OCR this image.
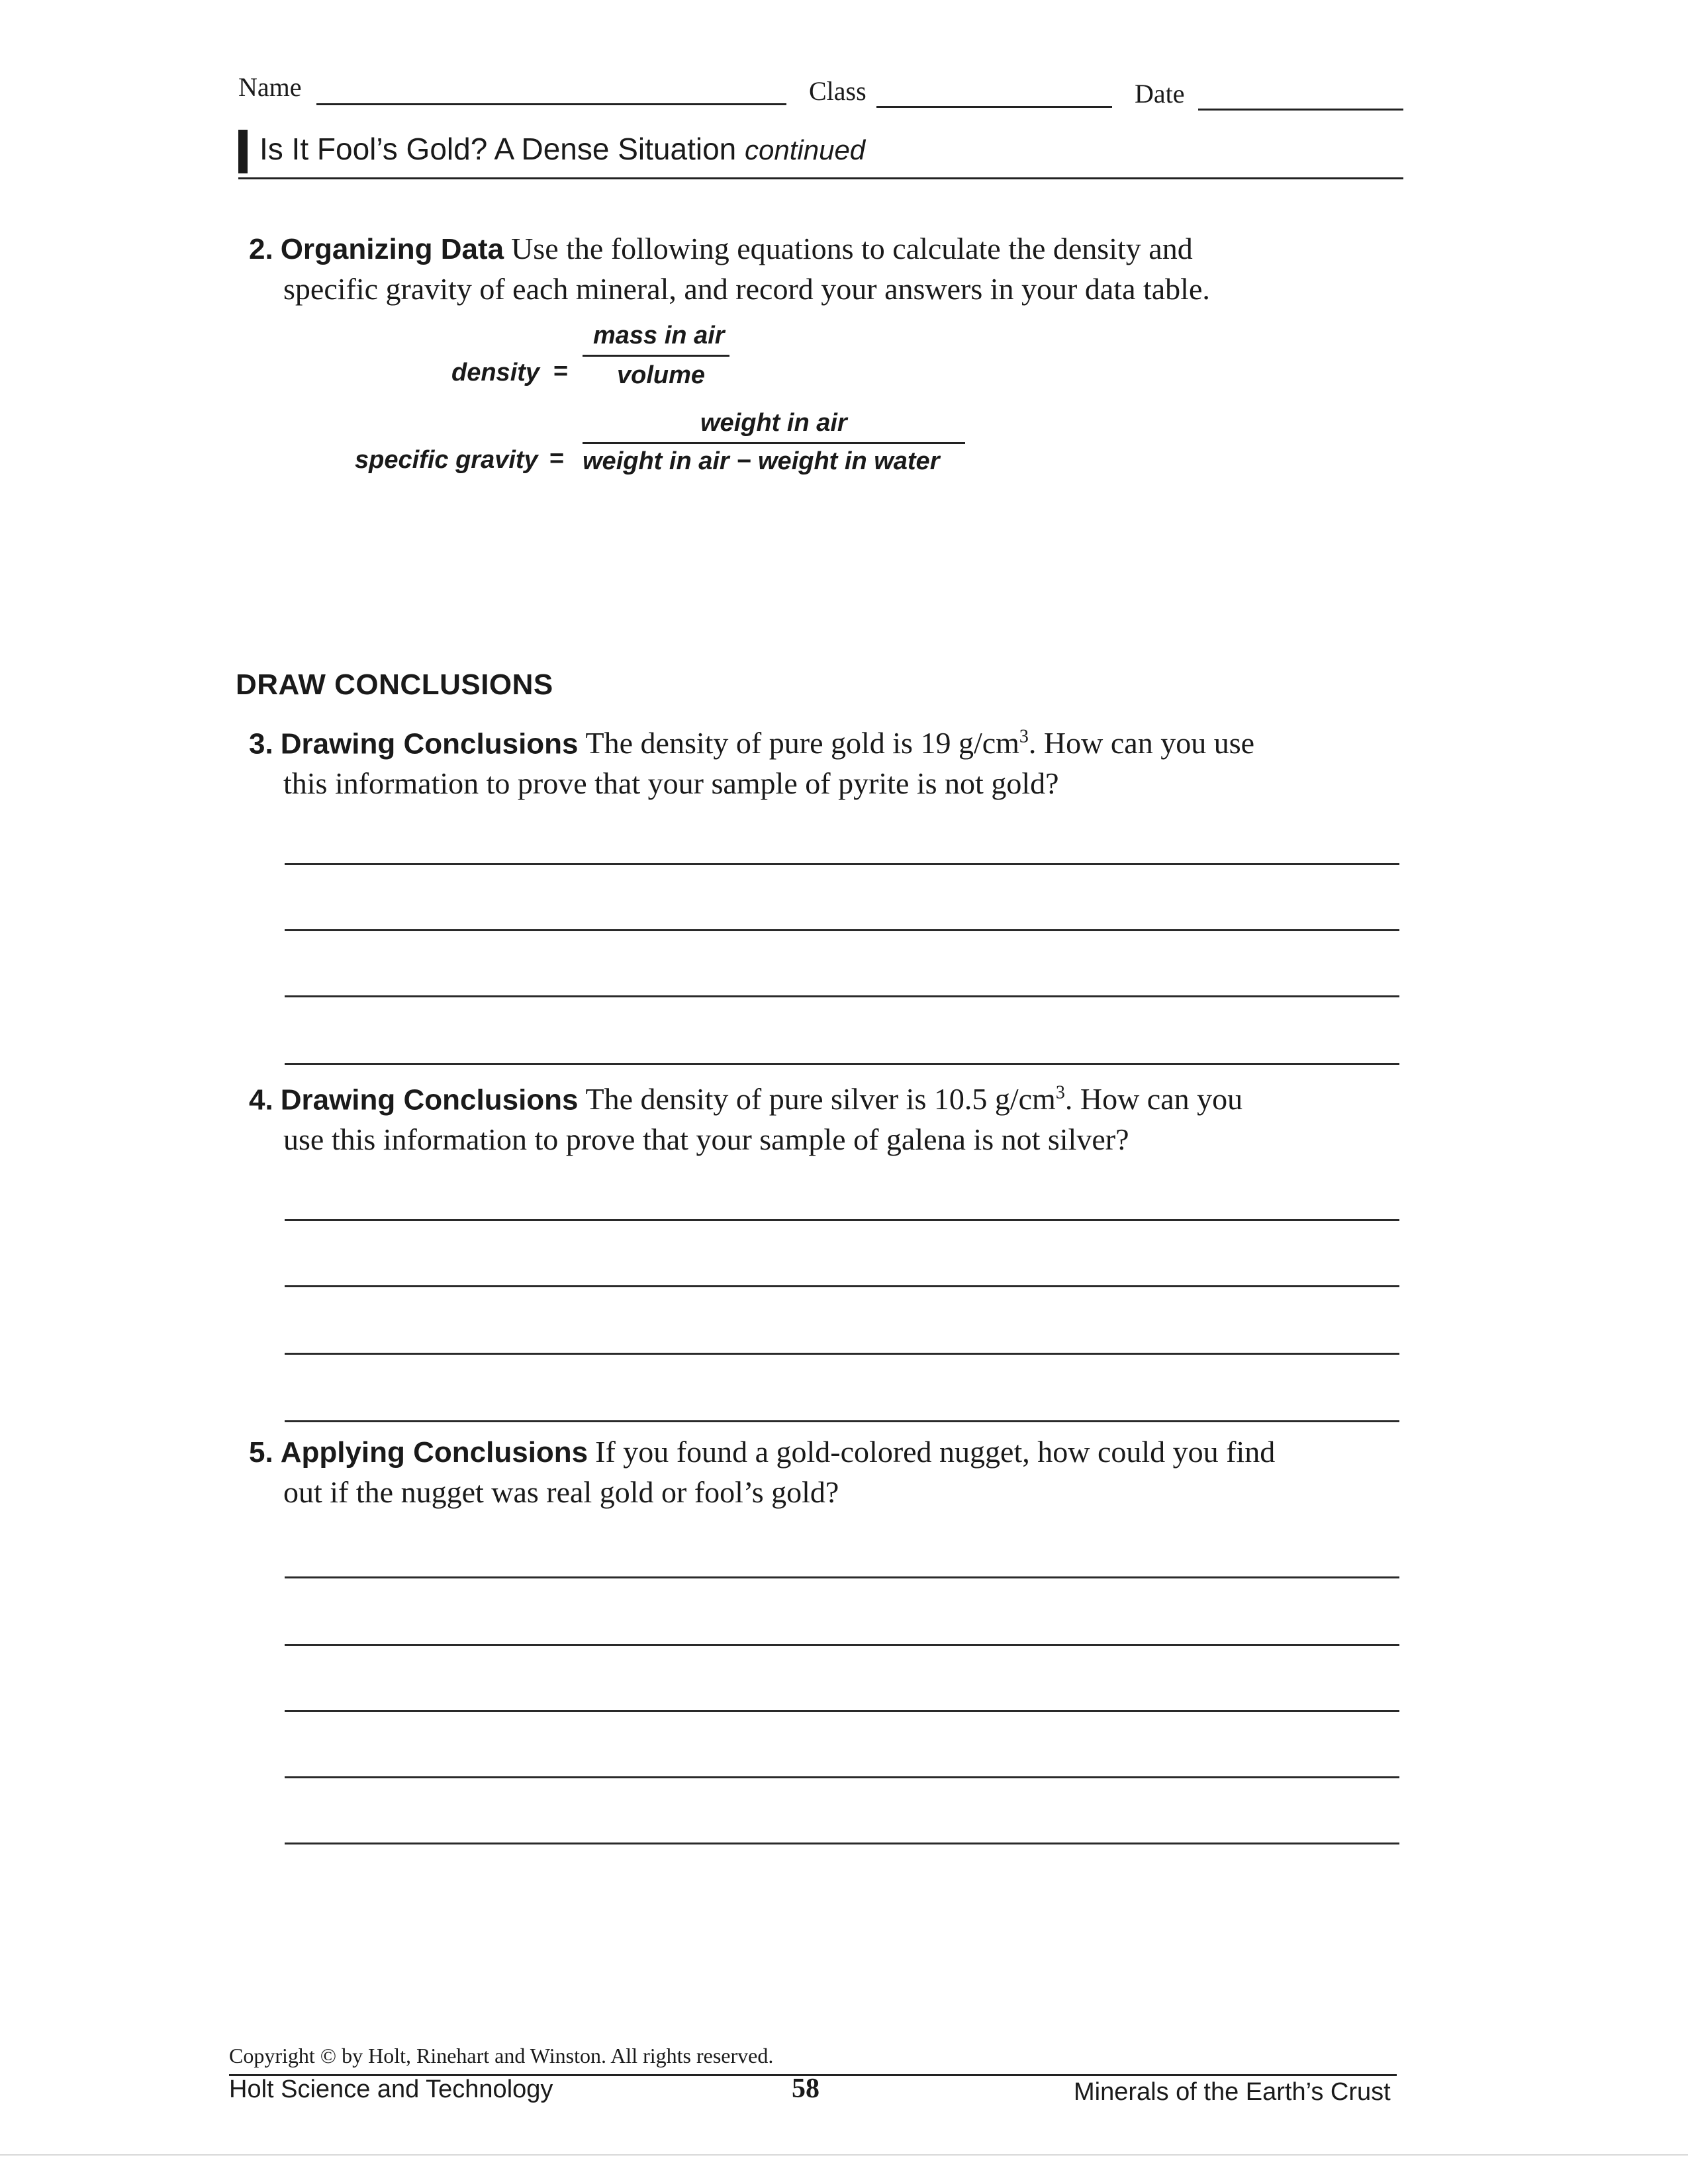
Name	Class	Date
Is It Fool’s Gold? A Dense Situation continued
2. Organizing Data Use the following equations to calculate the density and
specific gravity of each mineral, and record your answers in your data table.
mass in air
density = volume
weight in air
specific gravity = weight in air − weight in water
DRAW CONCLUSIONS
3. Drawing Conclusions The density of pure gold is 19 $g/cm^3$. How can you use
this information to prove that your sample of pyrite is not gold?
4. Drawing Conclusions The density of pure silver is 10.5 $g/cm^3$. How can you
use this information to prove that your sample of galena is not silver?
5. Applying Conclusions If you found a gold-colored nugget, how could you find
out if the nugget was real gold or fool’s gold?
Copyright © by Holt, Rinehart and Winston. All rights reserved.
Holt Science and Technology	58	Minerals of the Earth’s Crust
